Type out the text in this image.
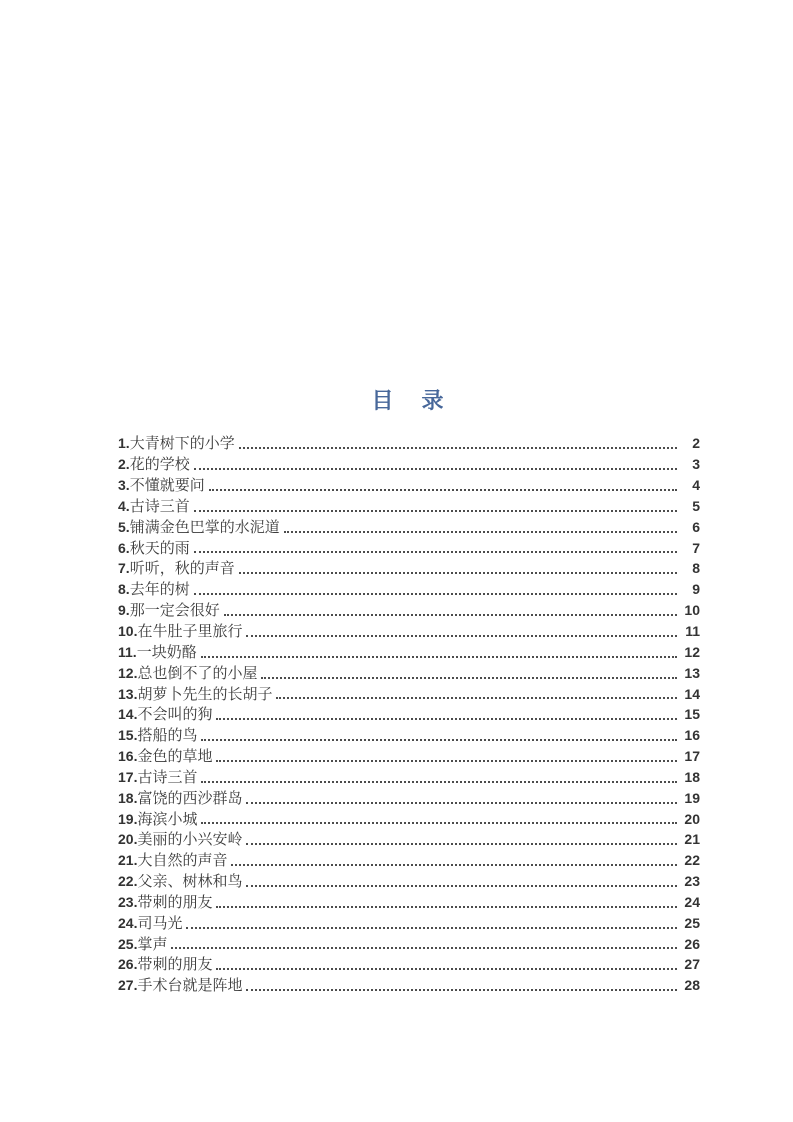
目　录
1. 大青树下的小学	2
2. 花的学校	3
3. 不懂就要问	4
4. 古诗三首	5
5. 铺满金色巴掌的水泥道	6
6. 秋天的雨	7
7. 听听，秋的声音	8
8. 去年的树	9
9. 那一定会很好	10
10. 在牛肚子里旅行	11
11. 一块奶酪	12
12. 总也倒不了的小屋	13
13. 胡萝卜先生的长胡子	14
14. 不会叫的狗	15
15. 搭船的鸟	16
16. 金色的草地	17
17. 古诗三首	18
18. 富饶的西沙群岛	19
19. 海滨小城	20
20. 美丽的小兴安岭	21
21. 大自然的声音	22
22. 父亲、树林和鸟	23
23. 带刺的朋友	24
24. 司马光	25
25. 掌声	26
26. 带刺的朋友	27
27. 手术台就是阵地	28
